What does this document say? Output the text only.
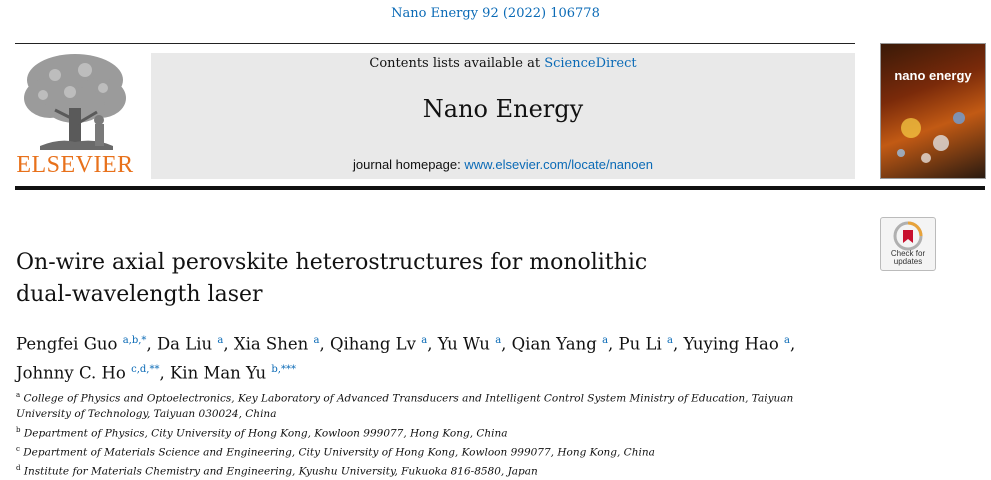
Nano Energy 92 (2022) 106778
ELSEVIER
Contents lists available at ScienceDirect
Nano Energy
journal homepage: www.elsevier.com/locate/nanoen
nano energy
Check for updates
On-wire axial perovskite heterostructures for monolithic
dual-wavelength laser
Pengfei Guo $^{a,b,*}$, Da Liu $^a$, Xia Shen $^a$, Qihang Lv $^a$, Yu Wu $^a$, Qian Yang $^a$, Pu Li $^a$, Yuying Hao $^a$,
Johnny C. Ho $^{c,d,**}$, Kin Man Yu $^{b,***}$
$^a$ College of Physics and Optoelectronics, Key Laboratory of Advanced Transducers and Intelligent Control System Ministry of Education, Taiyuan University of Technology, Taiyuan 030024, China
$^b$ Department of Physics, City University of Hong Kong, Kowloon 999077, Hong Kong, China
$^c$ Department of Materials Science and Engineering, City University of Hong Kong, Kowloon 999077, Hong Kong, China
$^d$ Institute for Materials Chemistry and Engineering, Kyushu University, Fukuoka 816-8580, Japan
